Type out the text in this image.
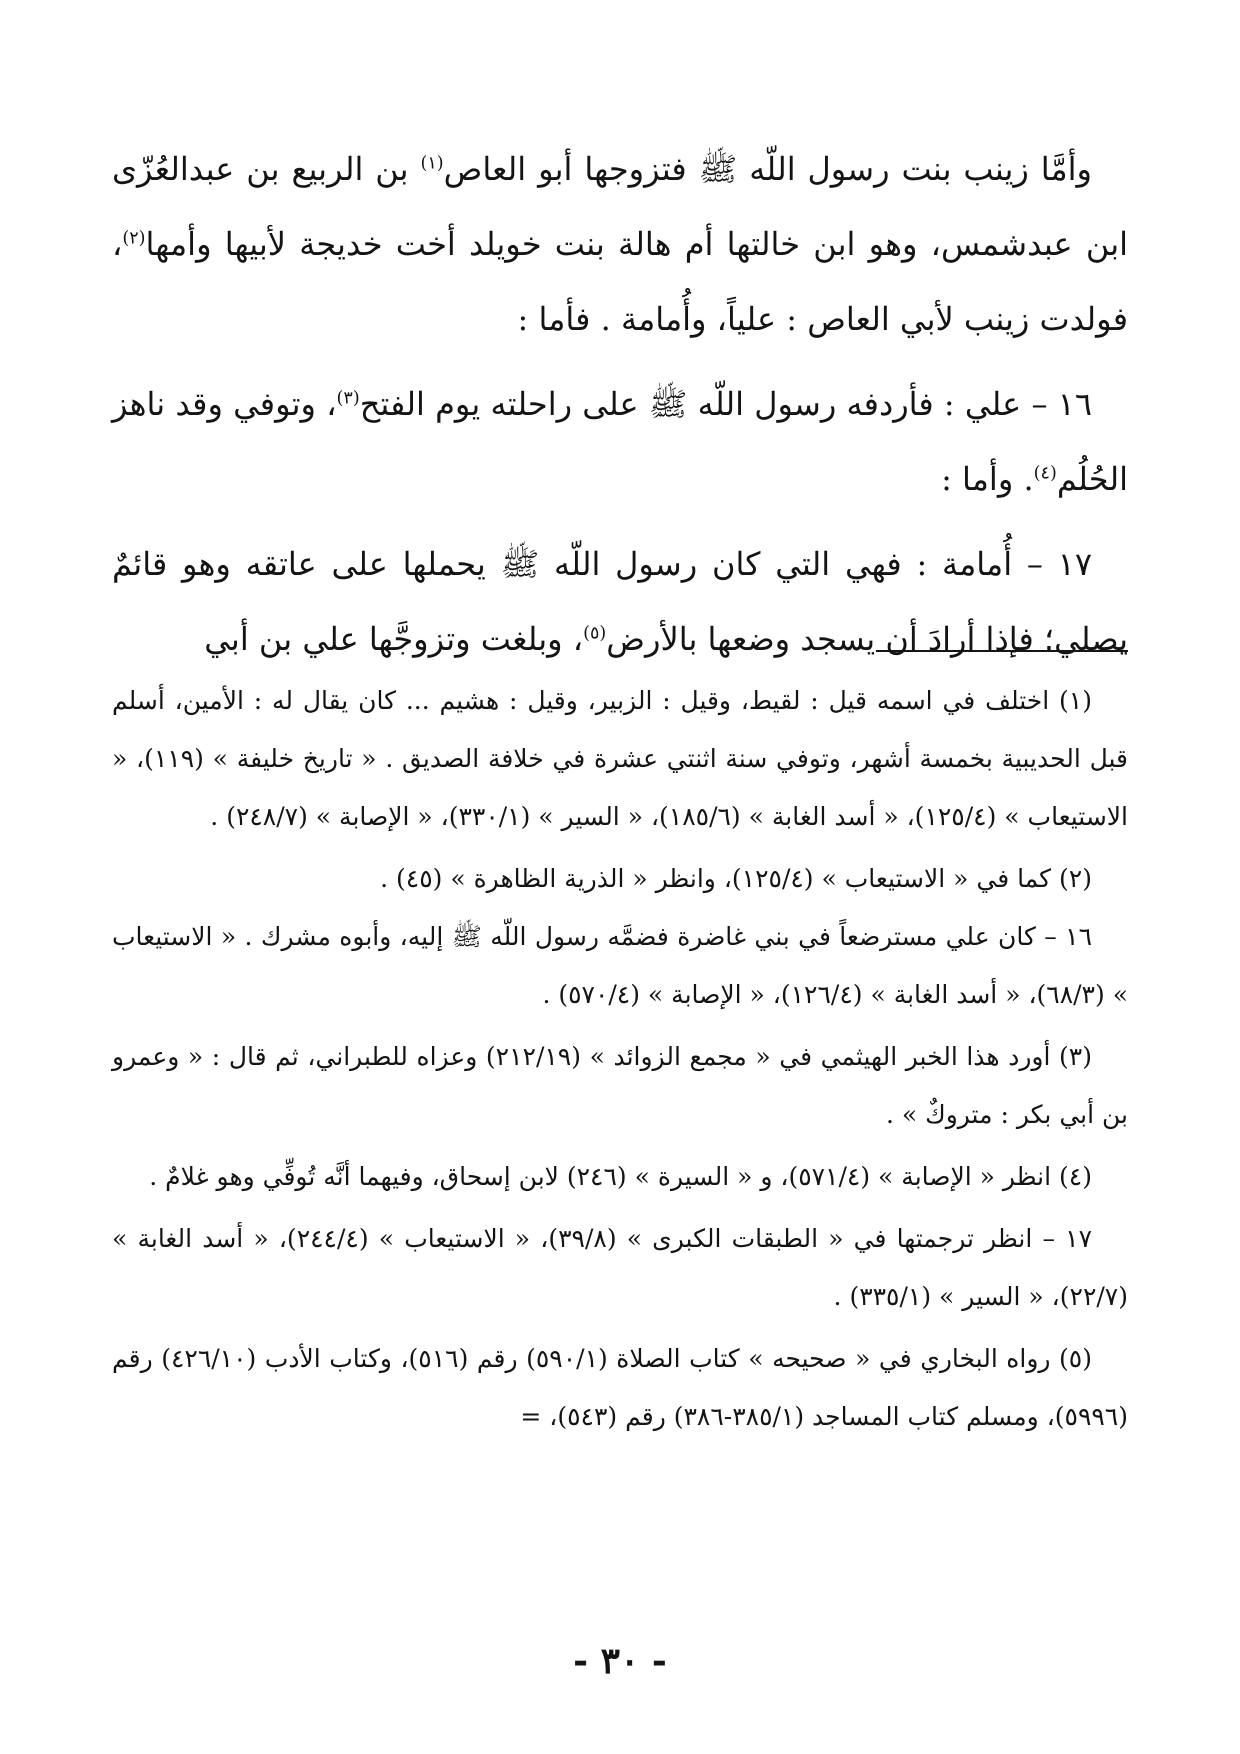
وأمَّا زينب بنت رسول اللّه ﷺ فتزوجها أبو العاص$^{(١)}$ بن الربيع بن عبدالعُزّى ابن عبدشمس، وهو ابن خالتها أم هالة بنت خويلد أخت خديجة لأبيها وأمها$^{(٢)}$، فولدت زينب لأبي العاص : علياً، وأُمامة . فأما :

١٦ – علي : فأردفه رسول اللّه ﷺ على راحلته يوم الفتح$^{(٣)}$، وتوفي وقد ناهز الحُلُم$^{(٤)}$. وأما :

١٧ – أُمامة : فهي التي كان رسول اللّه ﷺ يحملها على عاتقه وهو قائمٌ يصلي؛ فإذا أرادَ أن يسجد وضعها بالأرض$^{(٥)}$، وبلغت وتزوجَّها علي بن أبي

(١) اختلف في اسمه قيل : لقيط، وقيل : الزبير، وقيل : هشيم ... كان يقال له : الأمين، أسلم قبل الحديبية بخمسة أشهر، وتوفي سنة اثنتي عشرة في خلافة الصديق . « تاريخ خليفة » (١١٩)، « الاستيعاب » (١٢٥/٤)، « أسد الغابة » (١٨٥/٦)، « السير » (٣٣٠/١)، « الإصابة » (٢٤٨/٧) .

(٢) كما في « الاستيعاب » (١٢٥/٤)، وانظر « الذرية الظاهرة » (٤٥) .

١٦ – كان علي مسترضعاً في بني غاضرة فضمَّه رسول اللّه ﷺ إليه، وأبوه مشرك . « الاستيعاب » (٦٨/٣)، « أسد الغابة » (١٢٦/٤)، « الإصابة » (٥٧٠/٤) .

(٣) أورد هذا الخبر الهيثمي في « مجمع الزوائد » (٢١٢/١٩) وعزاه للطبراني، ثم قال : « وعمرو بن أبي بكر : متروكٌ » .

(٤) انظر « الإصابة » (٥٧١/٤)، و « السيرة » (٢٤٦) لابن إسحاق، وفيهما أنَّه تُوفِّي وهو غلامٌ .

١٧ – انظر ترجمتها في « الطبقات الكبرى » (٣٩/٨)، « الاستيعاب » (٢٤٤/٤)، « أسد الغابة » (٢٢/٧)، « السير » (٣٣٥/١) .

(٥) رواه البخاري في « صحيحه » كتاب الصلاة (٥٩٠/١) رقم (٥١٦)، وكتاب الأدب (٤٢٦/١٠) رقم (٥٩٩٦)، ومسلم كتاب المساجد (٣٨٥/١-٣٨٦) رقم (٥٤٣)، =

- ٣٠ -
